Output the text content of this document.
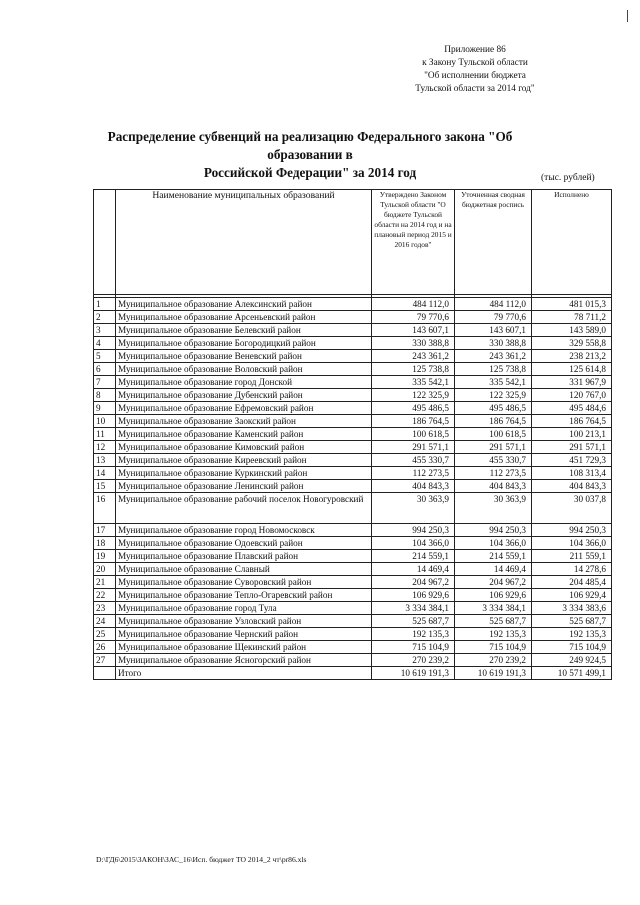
Приложение 86
к Закону Тульской области
"Об исполнении бюджета
Тульской области за 2014 год"
Распределение субвенций на реализацию Федерального закона "Об образовании в
Российской Федерации" за 2014 год	(тыс. рублей)
	Наименование муниципальных образований	Утверждено Законом Тульской области "О бюджете Тульской области на 2014 год и на плановый период 2015 и 2016 годов"	Уточненная сводная бюджетная роспись	Исполнено

1	Муниципальное образование Алексинский район	484 112,0	484 112,0	481 015,3
2	Муниципальное образование Арсеньевский район	79 770,6	79 770,6	78 711,2
3	Муниципальное образование Белевский район	143 607,1	143 607,1	143 589,0
4	Муниципальное образование Богородицкий район	330 388,8	330 388,8	329 558,8
5	Муниципальное образование Веневский район	243 361,2	243 361,2	238 213,2
6	Муниципальное образование Воловский район	125 738,8	125 738,8	125 614,8
7	Муниципальное образование город Донской	335 542,1	335 542,1	331 967,9
8	Муниципальное образование Дубенский район	122 325,9	122 325,9	120 767,0
9	Муниципальное образование Ефремовский район	495 486,5	495 486,5	495 484,6
10	Муниципальное образование Заокский район	186 764,5	186 764,5	186 764,5
11	Муниципальное образование Каменский район	100 618,5	100 618,5	100 213,1
12	Муниципальное образование Кимовский район	291 571,1	291 571,1	291 571,1
13	Муниципальное образование Киреевский район	455 330,7	455 330,7	451 729,3
14	Муниципальное образование Куркинский район	112 273,5	112 273,5	108 313,4
15	Муниципальное образование Ленинский район	404 843,3	404 843,3	404 843,3
16	Муниципальное образование рабочий поселок Новогуровский	30 363,9	30 363,9	30 037,8
17	Муниципальное образование город Новомосковск	994 250,3	994 250,3	994 250,3
18	Муниципальное образование Одоевский район	104 366,0	104 366,0	104 366,0
19	Муниципальное образование Плавский район	214 559,1	214 559,1	211 559,1
20	Муниципальное образование Славный	14 469,4	14 469,4	14 278,6
21	Муниципальное образование Суворовский район	204 967,2	204 967,2	204 485,4
22	Муниципальное образование Тепло-Огаревский район	106 929,6	106 929,6	106 929,4
23	Муниципальное образование город Тула	3 334 384,1	3 334 384,1	3 334 383,6
24	Муниципальное образование Узловский район	525 687,7	525 687,7	525 687,7
25	Муниципальное образование Чернский район	192 135,3	192 135,3	192 135,3
26	Муниципальное образование Щекинский район	715 104,9	715 104,9	715 104,9
27	Муниципальное образование Ясногорский район	270 239,2	270 239,2	249 924,5
	Итого	10 619 191,3	10 619 191,3	10 571 499,1
D:\ГД6\2015\ЗАКОН\ЗАС_16\Исп. бюджет ТО 2014_2 чт\pr86.xls
